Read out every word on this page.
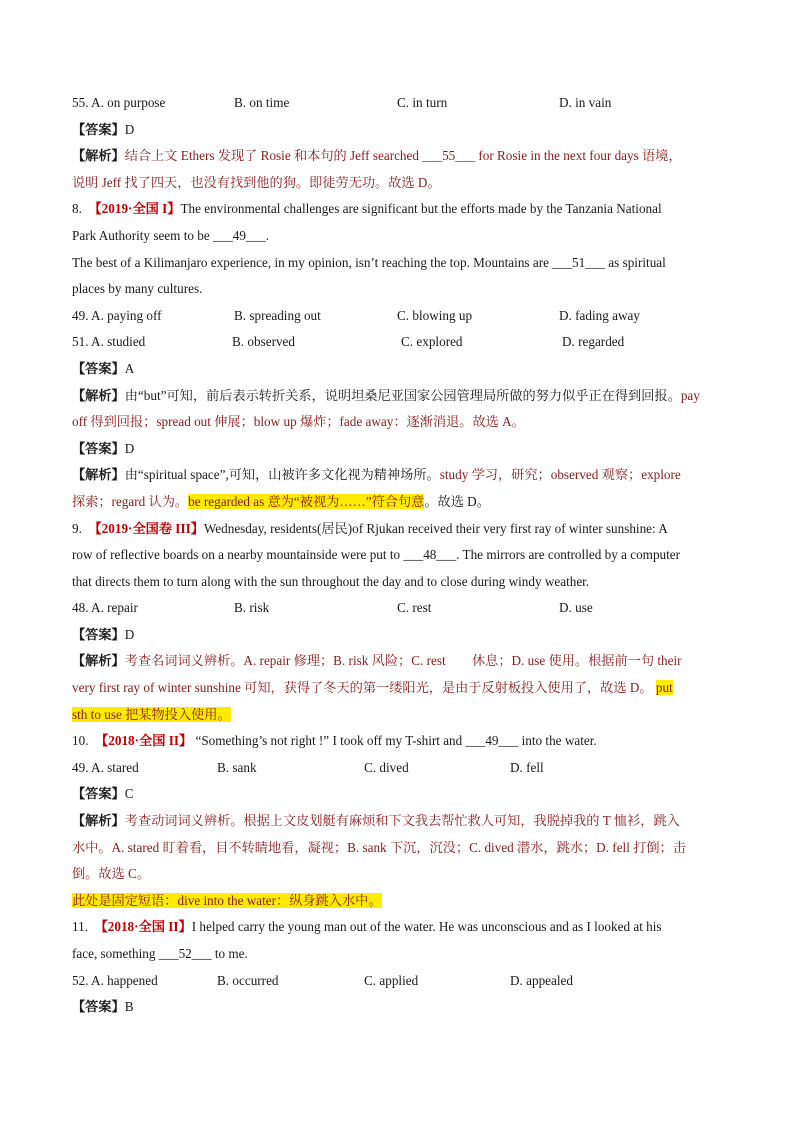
55. A. on purpose	B. on time	C. in turn	D. in vain
【答案】D
【解析】结合上文 Ethers 发现了 Rosie 和本句的 Jeff searched ___55___ for Rosie in the next four days 语境，
说明 Jeff 找了四天，也没有找到他的狗。即徒劳无功。故选 D。
8. 【2019·全国 I】The environmental challenges are significant but the efforts made by the Tanzania National
Park Authority seem to be ___49___.
The best of a Kilimanjaro experience, in my opinion, isn’t reaching the top. Mountains are ___51___ as spiritual
places by many cultures.
49. A. paying off	B. spreading out	C. blowing up	D. fading away
51. A. studied	B. observed	C. explored	D. regarded
【答案】A
【解析】由“but”可知，前后表示转折关系，说明坦桑尼亚国家公园管理局所做的努力似乎正在得到回报。pay
off 得到回报；spread out 伸展；blow up 爆炸；fade away：逐渐消退。故选 A。
【答案】D
【解析】由“spiritual space”,可知，山被许多文化视为精神场所。study 学习，研究；observed 观察；explore
探索；regard 认为。be regarded as 意为“被视为……”符合句意。故选 D。
9. 【2019·全国卷 III】Wednesday, residents(居民)of Rjukan received their very first ray of winter sunshine: A
row of reflective boards on a nearby mountainside were put to ___48___. The mirrors are controlled by a computer
that directs them to turn along with the sun throughout the day and to close during windy weather.
48. A. repair	B. risk	C. rest	D. use
【答案】D
【解析】考查名词词义辨析。A. repair 修理；B. risk 风险；C. rest　　休息；D. use 使用。根据前一句 their
very first ray of winter sunshine 可知，获得了冬天的第一缕阳光，是由于反射板投入使用了，故选 D。 put
sth to use 把某物投入使用。
10. 【2018·全国 II】 “Something’s not right !” I took off my T-shirt and ___49___ into the water.
49. A. stared	B. sank	C. dived	D. fell
【答案】C
【解析】考查动词词义辨析。根据上文皮划艇有麻烦和下文我去帮忙救人可知，我脱掉我的 T 恤衫，跳入
水中。A. stared 盯着看，目不转睛地看，凝视；B. sank 下沉，沉没；C. dived 潜水，跳水；D. fell 打倒；击
倒。故选 C。
此处是固定短语：dive into the water：纵身跳入水中。
11. 【2018·全国 II】I helped carry the young man out of the water. He was unconscious and as I looked at his
face, something ___52___ to me.
52. A. happened	B. occurred	C. applied	D. appealed
【答案】B
